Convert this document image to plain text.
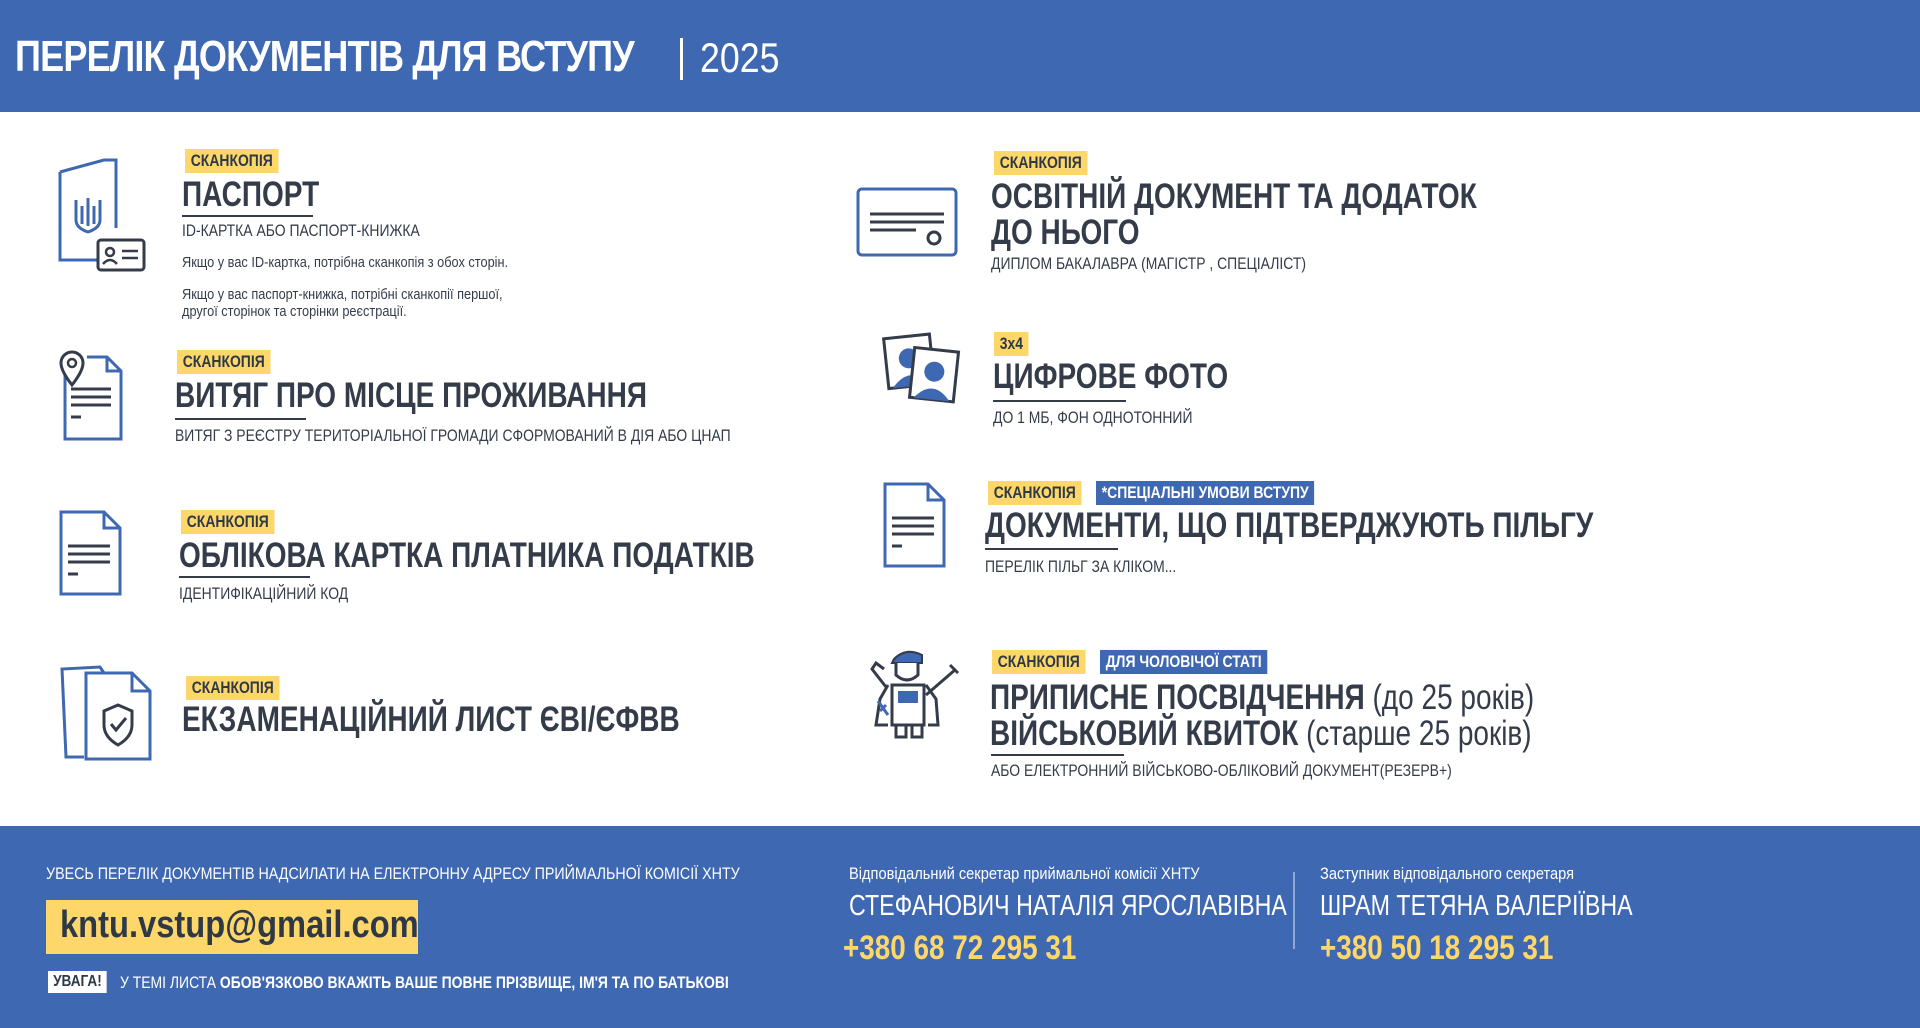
ПЕРЕЛІК ДОКУМЕНТІВ ДЛЯ ВСТУПУ 2025
СКАНКОПІЯ
ПАСПОРТ
ID-КАРТКА АБО ПАСПОРТ-КНИЖКА
Якщо у вас ID-картка, потрібна сканкопія з обох сторін.
Якщо у вас паспорт-книжка, потрібні сканкопії першої,
другої сторінок та сторінки реєстрації.
СКАНКОПІЯ
ВИТЯГ ПРО МІСЦЕ ПРОЖИВАННЯ
ВИТЯГ З РЕЄСТРУ ТЕРИТОРІАЛЬНОЇ ГРОМАДИ СФОРМОВАНИЙ В ДІЯ АБО ЦНАП
СКАНКОПІЯ
ОБЛІКОВА КАРТКА ПЛАТНИКА ПОДАТКІВ
ІДЕНТИФІКАЦІЙНИЙ КОД
СКАНКОПІЯ
ЕКЗАМЕНАЦІЙНИЙ ЛИСТ ЄВІ/ЄФВВ
СКАНКОПІЯ
ОСВІТНІЙ ДОКУМЕНТ ТА ДОДАТОК
ДО НЬОГО
ДИПЛОМ БАКАЛАВРА (МАГІСТР , СПЕЦІАЛІСТ)
3х4
ЦИФРОВЕ ФОТО
ДО 1 МБ, ФОН ОДНОТОННИЙ
СКАНКОПІЯ	*СПЕЦІАЛЬНІ УМОВИ ВСТУПУ
ДОКУМЕНТИ, ЩО ПІДТВЕРДЖУЮТЬ ПІЛЬГУ
ПЕРЕЛІК ПІЛЬГ ЗА КЛІКОМ...
СКАНКОПІЯ	ДЛЯ ЧОЛОВІЧОЇ СТАТІ
ПРИПИСНЕ ПОСВІДЧЕННЯ (до 25 років)
ВІЙСЬКОВИЙ КВИТОК (старше 25 років)
АБО ЕЛЕКТРОННИЙ ВІЙСЬКОВО-ОБЛІКОВИЙ ДОКУМЕНТ(РЕЗЕРВ+)
УВЕСЬ ПЕРЕЛІК ДОКУМЕНТІВ НАДСИЛАТИ НА ЕЛЕКТРОННУ АДРЕСУ ПРИЙМАЛЬНОЇ КОМІСІЇ ХНТУ
kntu.vstup@gmail.com
УВАГА! У ТЕМІ ЛИСТА ОБОВ'ЯЗКОВО ВКАЖІТЬ ВАШЕ ПОВНЕ ПРІЗВИЩЕ, ІМ'Я ТА ПО БАТЬКОВІ
Відповідальний секретар приймальної комісії ХНТУ
СТЕФАНОВИЧ НАТАЛІЯ ЯРОСЛАВІВНА
+380 68 72 295 31
Заступник відповідального секретаря
ШРАМ ТЕТЯНА ВАЛЕРІЇВНА
+380 50 18 295 31
